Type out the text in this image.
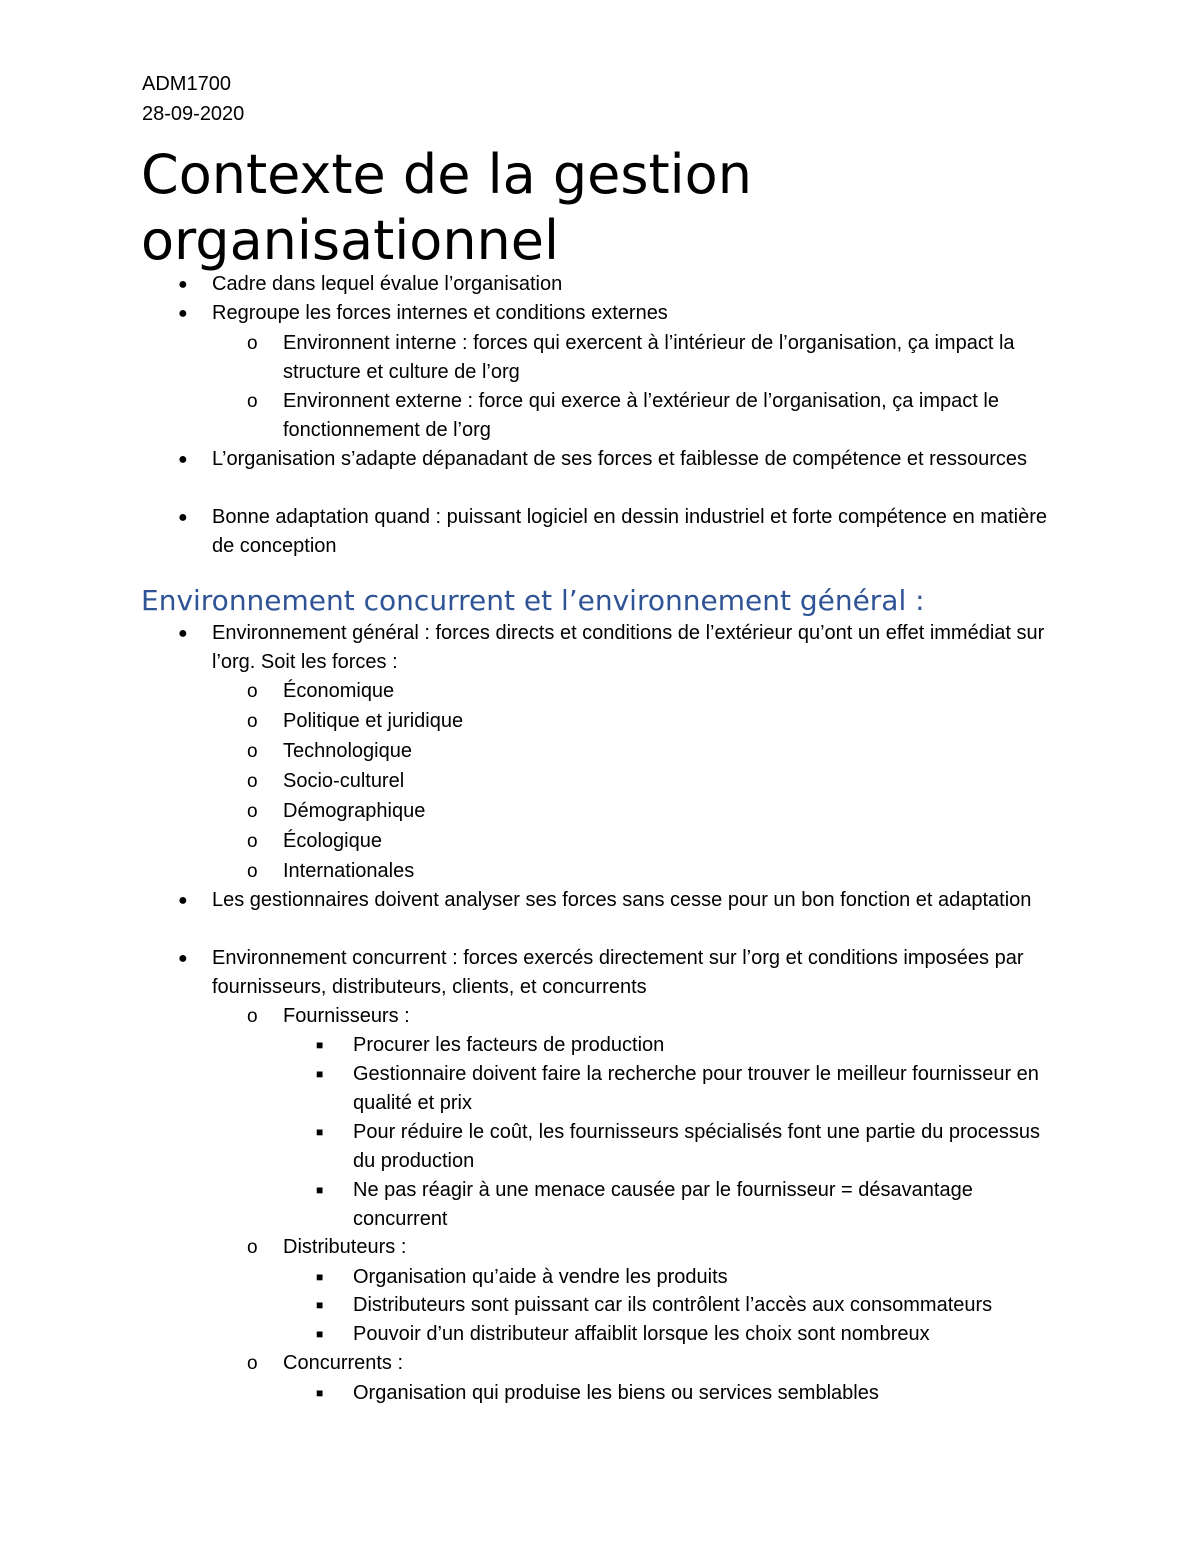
ADM1700
28-09-2020
Contexte de la gestion organisationnel
● Cadre dans lequel évalue l’organisation
● Regroupe les forces internes et conditions externes
o Environnent interne : forces qui exercent à l’intérieur de l’organisation, ça impact la structure et culture de l’org
o Environnent externe : force qui exerce à l’extérieur de l’organisation, ça impact le fonctionnement de l’org
● L’organisation s’adapte dépanadant de ses forces et faiblesse de compétence et ressources
● Bonne adaptation quand : puissant logiciel en dessin industriel et forte compétence en matière de conception
Environnement concurrent et l’environnement général :
● Environnement général : forces directs et conditions de l’extérieur qu’ont un effet immédiat sur l’org. Soit les forces :
o Économique
o Politique et juridique
o Technologique
o Socio-culturel
o Démographique
o Écologique
o Internationales
● Les gestionnaires doivent analyser ses forces sans cesse pour un bon fonction et adaptation
● Environnement concurrent : forces exercés directement sur l’org et conditions imposées par fournisseurs, distributeurs, clients, et concurrents
o Fournisseurs :
■ Procurer les facteurs de production
■ Gestionnaire doivent faire la recherche pour trouver le meilleur fournisseur en qualité et prix
■ Pour réduire le coût, les fournisseurs spécialisés font une partie du processus du production
■ Ne pas réagir à une menace causée par le fournisseur = désavantage concurrent
o Distributeurs :
■ Organisation qu’aide à vendre les produits
■ Distributeurs sont puissant car ils contrôlent l’accès aux consommateurs
■ Pouvoir d’un distributeur affaiblit lorsque les choix sont nombreux
o Concurrents :
■ Organisation qui produise les biens ou services semblables
